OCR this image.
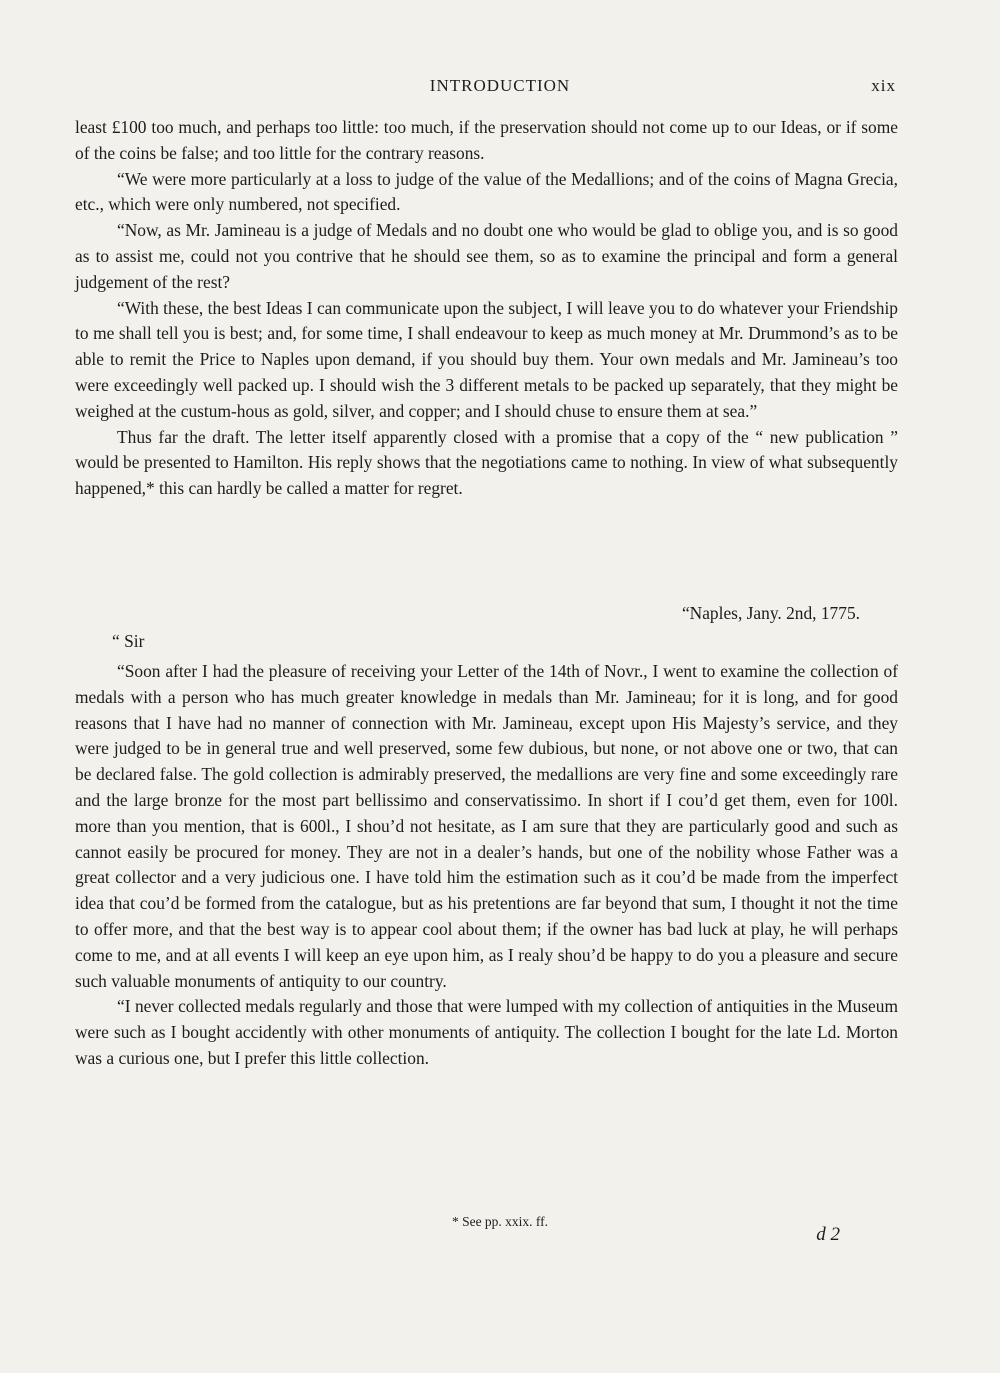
INTRODUCTION	xix

least £100 too much, and perhaps too little: too much, if the preservation should not come up to our Ideas, or if some of the coins be false; and too little for the contrary reasons.

“We were more particularly at a loss to judge of the value of the Medallions; and of the coins of Magna Grecia, etc., which were only numbered, not specified.

“Now, as Mr. Jamineau is a judge of Medals and no doubt one who would be glad to oblige you, and is so good as to assist me, could not you contrive that he should see them, so as to examine the principal and form a general judgement of the rest?

“With these, the best Ideas I can communicate upon the subject, I will leave you to do whatever your Friendship to me shall tell you is best; and, for some time, I shall endeavour to keep as much money at Mr. Drummond’s as to be able to remit the Price to Naples upon demand, if you should buy them. Your own medals and Mr. Jamineau’s too were exceedingly well packed up. I should wish the 3 different metals to be packed up separately, that they might be weighed at the custum-hous as gold, silver, and copper; and I should chuse to ensure them at sea.”

Thus far the draft. The letter itself apparently closed with a promise that a copy of the “ new publication ” would be presented to Hamilton. His reply shows that the negotiations came to nothing. In view of what subsequently happened,* this can hardly be called a matter for regret.

“Naples, Jany. 2nd, 1775.
“ Sir

“Soon after I had the pleasure of receiving your Letter of the 14th of Novr., I went to examine the collection of medals with a person who has much greater knowledge in medals than Mr. Jamineau; for it is long, and for good reasons that I have had no manner of connection with Mr. Jamineau, except upon His Majesty’s service, and they were judged to be in general true and well preserved, some few dubious, but none, or not above one or two, that can be declared false. The gold collection is admirably preserved, the medallions are very fine and some exceedingly rare and the large bronze for the most part bellissimo and conservatissimo. In short if I cou’d get them, even for 100l. more than you mention, that is 600l., I shou’d not hesitate, as I am sure that they are particularly good and such as cannot easily be procured for money. They are not in a dealer’s hands, but one of the nobility whose Father was a great collector and a very judicious one. I have told him the estimation such as it cou’d be made from the imperfect idea that cou’d be formed from the catalogue, but as his pretentions are far beyond that sum, I thought it not the time to offer more, and that the best way is to appear cool about them; if the owner has bad luck at play, he will perhaps come to me, and at all events I will keep an eye upon him, as I realy shou’d be happy to do you a pleasure and secure such valuable monuments of antiquity to our country.

“I never collected medals regularly and those that were lumped with my collection of antiquities in the Museum were such as I bought accidently with other monuments of antiquity. The collection I bought for the late Ld. Morton was a curious one, but I prefer this little collection.

* See pp. xxix. ff.
d 2
